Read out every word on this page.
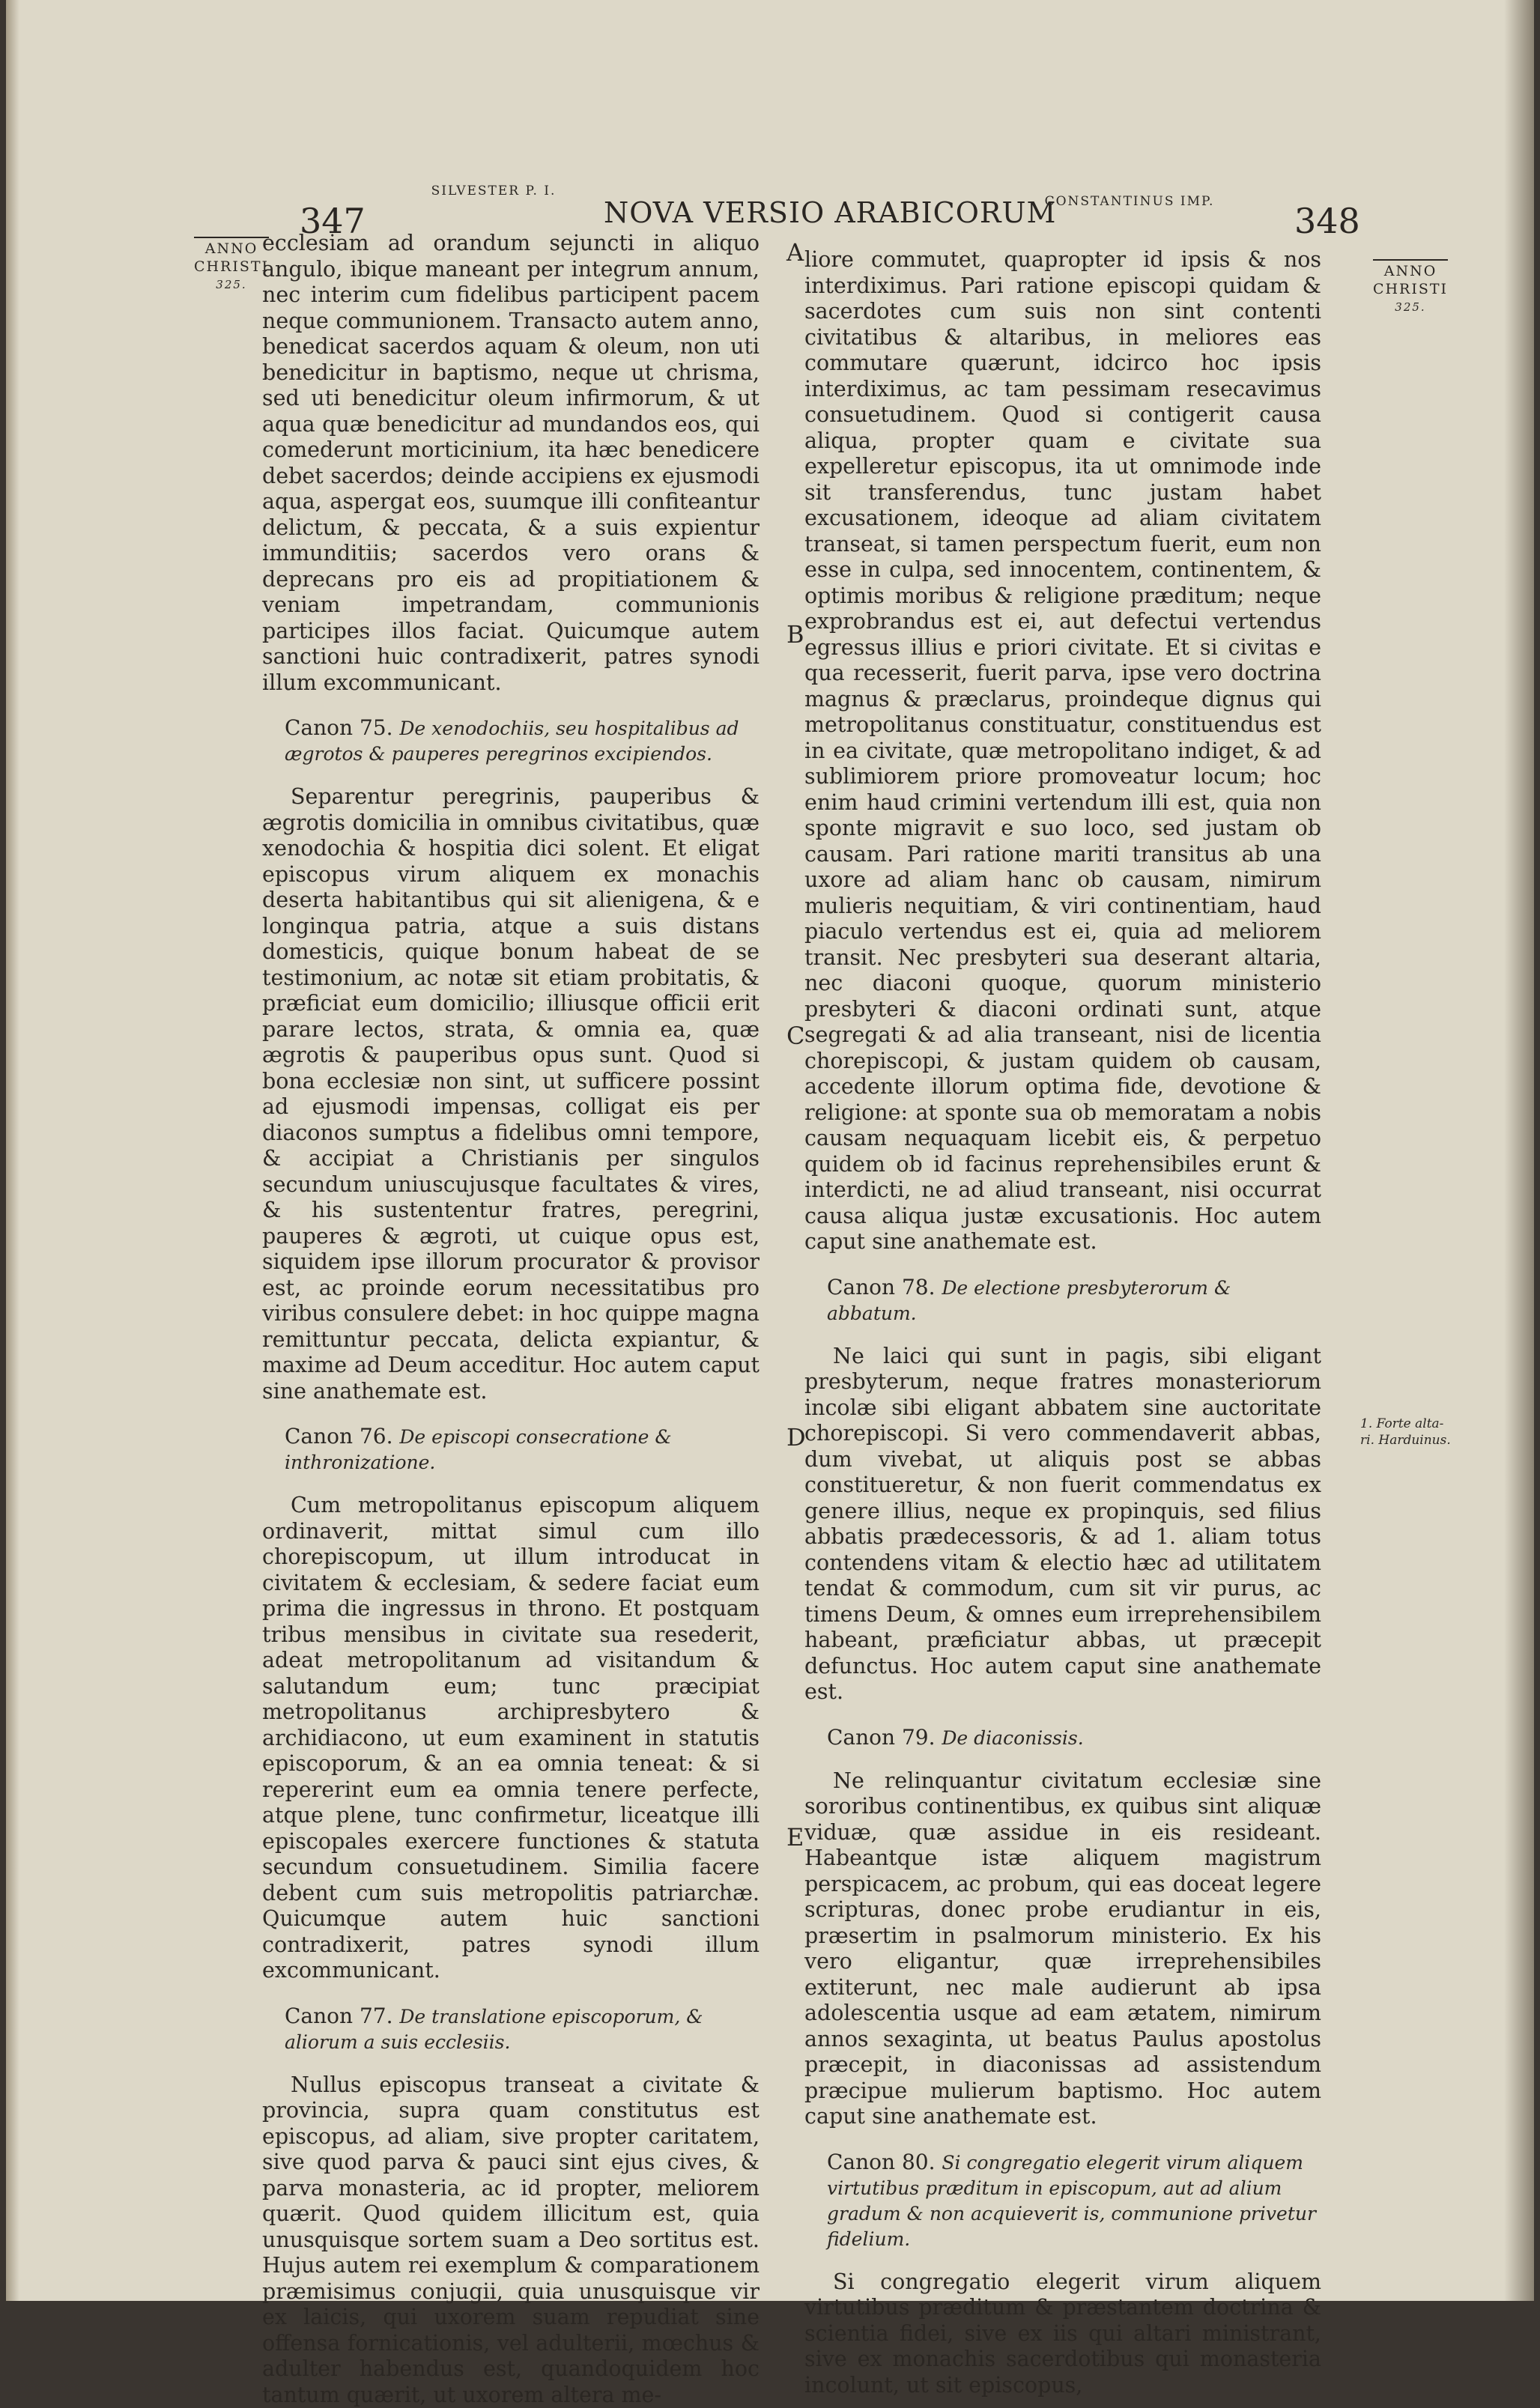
347
SILVESTER P. I.
NOVA VERSIO ARABICORUM
CONSTANTINUS IMP. 348
ANNO
CHRISTI
325.
ANNO
CHRISTI
325.
A
B
C
D
E
1. Forte alta-ri. Harduinus.

ecclesiam ad orandum sejuncti in aliquo angulo, ibique maneant per integrum annum, nec interim cum fidelibus participent pacem neque communionem. Transacto autem anno, benedicat sacerdos aquam & oleum, non uti benedicitur in baptismo, neque ut chrisma, sed uti benedicitur oleum infirmorum, & ut aqua quæ benedicitur ad mundandos eos, qui comederunt morticinium, ita hæc benedicere debet sacerdos; deinde accipiens ex ejusmodi aqua, aspergat eos, suumque illi confiteantur delictum, & peccata, & a suis expientur immunditiis; sacerdos vero orans & deprecans pro eis ad propitiationem & veniam impetrandam, communionis participes illos faciat. Quicumque autem sanctioni huic contradixerit, patres synodi illum excommunicant.

Canon 75. De xenodochiis, seu hospitalibus ad ægrotos & pauperes peregrinos excipiendos.

Separentur peregrinis, pauperibus & ægrotis domicilia in omnibus civitatibus, quæ xenodochia & hospitia dici solent. Et eligat episcopus virum aliquem ex monachis deserta habitantibus qui sit alienigena, & e longinqua patria, atque a suis distans domesticis, quique bonum habeat de se testimonium, ac notæ sit etiam probitatis, & præficiat eum domicilio; illiusque officii erit parare lectos, strata, & omnia ea, quæ ægrotis & pauperibus opus sunt. Quod si bona ecclesiæ non sint, ut sufficere possint ad ejusmodi impensas, colligat eis per diaconos sumptus a fidelibus omni tempore, & accipiat a Christianis per singulos secundum uniuscujusque facultates & vires, & his sustententur fratres, peregrini, pauperes & ægroti, ut cuique opus est, siquidem ipse illorum procurator & provisor est, ac proinde eorum necessitatibus pro viribus consulere debet: in hoc quippe magna remittuntur peccata, delicta expiantur, & maxime ad Deum acceditur. Hoc autem caput sine anathemate est.

Canon 76. De episcopi consecratione & inthronizatione.

Cum metropolitanus episcopum aliquem ordinaverit, mittat simul cum illo chorepiscopum, ut illum introducat in civitatem & ecclesiam, & sedere faciat eum prima die ingressus in throno. Et postquam tribus mensibus in civitate sua resederit, adeat metropolitanum ad visitandum & salutandum eum; tunc præcipiat metropolitanus archipresbytero & archidiacono, ut eum examinent in statutis episcoporum, & an ea omnia teneat: & si repererint eum ea omnia tenere perfecte, atque plene, tunc confirmetur, liceatque illi episcopales exercere functiones & statuta secundum consuetudinem. Similia facere debent cum suis metropolitis patriarchæ. Quicumque autem huic sanctioni contradixerit, patres synodi illum excommunicant.

Canon 77. De translatione episcoporum, & aliorum a suis ecclesiis.

Nullus episcopus transeat a civitate & provincia, supra quam constitutus est episcopus, ad aliam, sive propter caritatem, sive quod parva & pauci sint ejus cives, & parva monasteria, ac id propter, meliorem quærit. Quod quidem illicitum est, quia unusquisque sortem suam a Deo sortitus est. Hujus autem rei exemplum & comparationem præmisimus conjugii, quia unusquisque vir ex laicis, qui uxorem suam repudiat sine offensa fornicationis, vel adulterii, mœchus & adulter habendus est, quandoquidem hoc tantum quærit, ut uxorem altera me-

liore commutet, quapropter id ipsis & nos interdiximus. Pari ratione episcopi quidam & sacerdotes cum suis non sint contenti civitatibus & altaribus, in meliores eas commutare quærunt, idcirco hoc ipsis interdiximus, ac tam pessimam resecavimus consuetudinem. Quod si contigerit causa aliqua, propter quam e civitate sua expelleretur episcopus, ita ut omnimode inde sit transferendus, tunc justam habet excusationem, ideoque ad aliam civitatem transeat, si tamen perspectum fuerit, eum non esse in culpa, sed innocentem, continentem, & optimis moribus & religione præditum; neque exprobrandus est ei, aut defectui vertendus egressus illius e priori civitate. Et si civitas e qua recesserit, fuerit parva, ipse vero doctrina magnus & præclarus, proindeque dignus qui metropolitanus constituatur, constituendus est in ea civitate, quæ metropolitano indiget, & ad sublimiorem priore promoveatur locum; hoc enim haud crimini vertendum illi est, quia non sponte migravit e suo loco, sed justam ob causam. Pari ratione mariti transitus ab una uxore ad aliam hanc ob causam, nimirum mulieris nequitiam, & viri continentiam, haud piaculo vertendus est ei, quia ad meliorem transit. Nec presbyteri sua deserant altaria, nec diaconi quoque, quorum ministerio presbyteri & diaconi ordinati sunt, atque segregati & ad alia transeant, nisi de licentia chorepiscopi, & justam quidem ob causam, accedente illorum optima fide, devotione & religione: at sponte sua ob memoratam a nobis causam nequaquam licebit eis, & perpetuo quidem ob id facinus reprehensibiles erunt & interdicti, ne ad aliud transeant, nisi occurrat causa aliqua justæ excusationis. Hoc autem caput sine anathemate est.

Canon 78. De electione presbyterorum & abbatum.

Ne laici qui sunt in pagis, sibi eligant presbyterum, neque fratres monasteriorum incolæ sibi eligant abbatem sine auctoritate chorepiscopi. Si vero commendaverit abbas, dum vivebat, ut aliquis post se abbas constitueretur, & non fuerit commendatus ex genere illius, neque ex propinquis, sed filius abbatis prædecessoris, & ad 1. aliam totus contendens vitam & electio hæc ad utilitatem tendat & commodum, cum sit vir purus, ac timens Deum, & omnes eum irreprehensibilem habeant, præficiatur abbas, ut præcepit defunctus. Hoc autem caput sine anathemate est.

Canon 79. De diaconissis.

Ne relinquantur civitatum ecclesiæ sine sororibus continentibus, ex quibus sint aliquæ viduæ, quæ assidue in eis resideant. Habeantque istæ aliquem magistrum perspicacem, ac probum, qui eas doceat legere scripturas, donec probe erudiantur in eis, præsertim in psalmorum ministerio. Ex his vero eligantur, quæ irreprehensibiles extiterunt, nec male audierunt ab ipsa adolescentia usque ad eam ætatem, nimirum annos sexaginta, ut beatus Paulus apostolus præcepit, in diaconissas ad assistendum præcipue mulierum baptismo. Hoc autem caput sine anathemate est.

Canon 80. Si congregatio elegerit virum aliquem virtutibus præditum in episcopum, aut ad alium gradum & non acquieverit is, communione privetur fidelium.

Si congregatio elegerit virum aliquem virtutibus præditum & præstantem doctrina & scientia fidei, sive ex iis qui altari ministrant, sive ex monachis sacerdotibus qui monasteria incolunt, ut sit episcopus,
